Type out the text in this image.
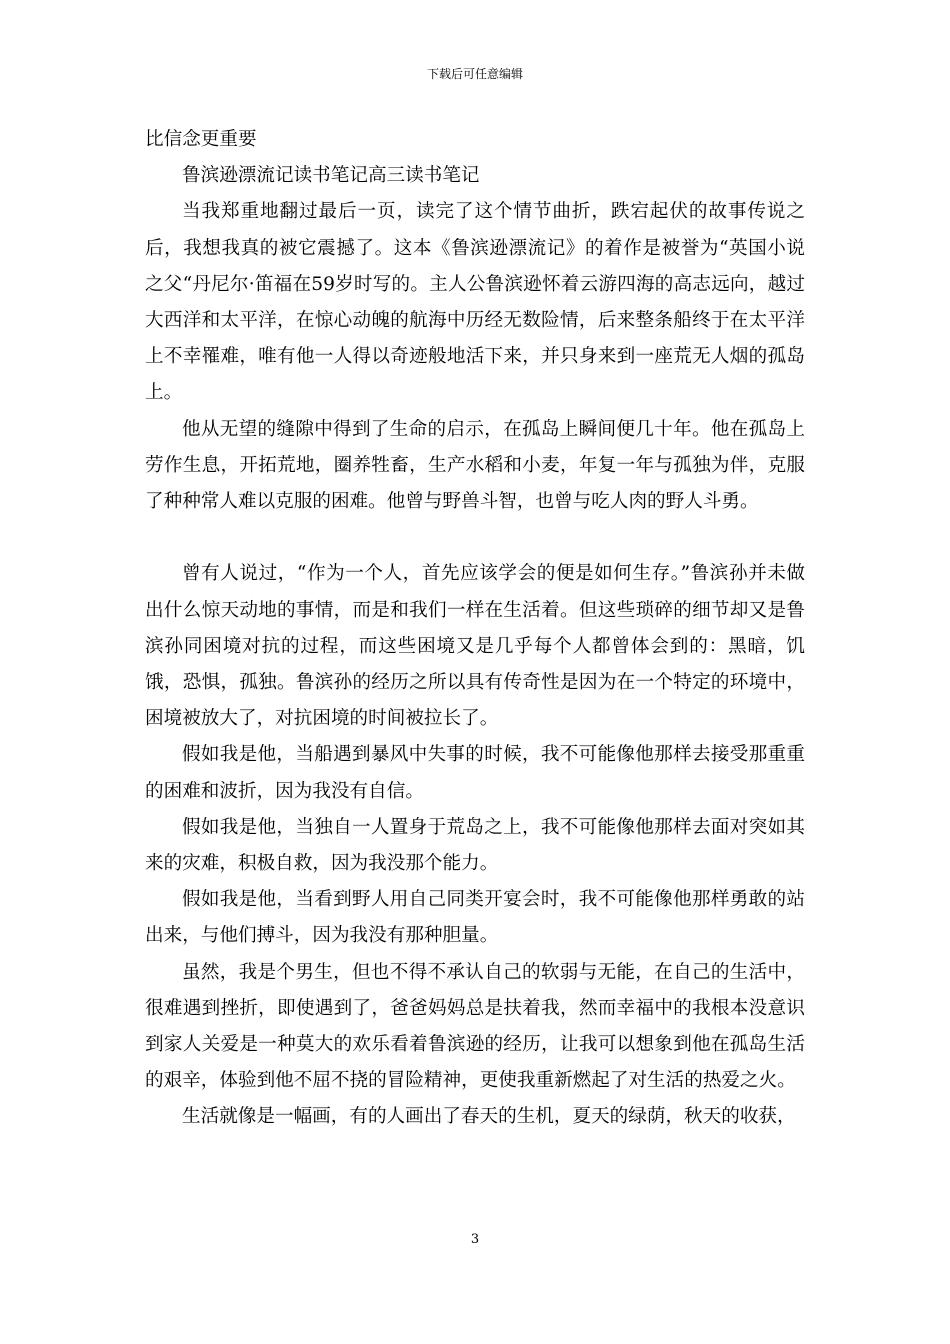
下载后可任意编辑

比信念更重要

鲁滨逊漂流记读书笔记高三读书笔记

当我郑重地翻过最后一页，读完了这个情节曲折，跌宕起伏的故事传说之后，我想我真的被它震撼了。这本《鲁滨逊漂流记》的着作是被誉为“英国小说之父“丹尼尔·笛福在59岁时写的。主人公鲁滨逊怀着云游四海的高志远向，越过大西洋和太平洋，在惊心动魄的航海中历经无数险情，后来整条船终于在太平洋上不幸罹难，唯有他一人得以奇迹般地活下来，并只身来到一座荒无人烟的孤岛上。

他从无望的缝隙中得到了生命的启示，在孤岛上瞬间便几十年。他在孤岛上劳作生息，开拓荒地，圈养牲畜，生产水稻和小麦，年复一年与孤独为伴，克服了种种常人难以克服的困难。他曾与野兽斗智，也曾与吃人肉的野人斗勇。

曾有人说过，“作为一个人，首先应该学会的便是如何生存。”鲁滨孙并未做出什么惊天动地的事情，而是和我们一样在生活着。但这些琐碎的细节却又是鲁滨孙同困境对抗的过程，而这些困境又是几乎每个人都曾体会到的：黑暗，饥饿，恐惧，孤独。鲁滨孙的经历之所以具有传奇性是因为在一个特定的环境中，困境被放大了，对抗困境的时间被拉长了。

假如我是他，当船遇到暴风中失事的时候，我不可能像他那样去接受那重重的困难和波折，因为我没有自信。

假如我是他，当独自一人置身于荒岛之上，我不可能像他那样去面对突如其来的灾难，积极自救，因为我没那个能力。

假如我是他，当看到野人用自己同类开宴会时，我不可能像他那样勇敢的站出来，与他们搏斗，因为我没有那种胆量。

虽然，我是个男生，但也不得不承认自己的软弱与无能，在自己的生活中，很难遇到挫折，即使遇到了，爸爸妈妈总是扶着我，然而幸福中的我根本没意识到家人关爱是一种莫大的欢乐看着鲁滨逊的经历，让我可以想象到他在孤岛生活的艰辛，体验到他不屈不挠的冒险精神，更使我重新燃起了对生活的热爱之火。

生活就像是一幅画，有的人画出了春天的生机，夏天的绿荫，秋天的收获，

3
